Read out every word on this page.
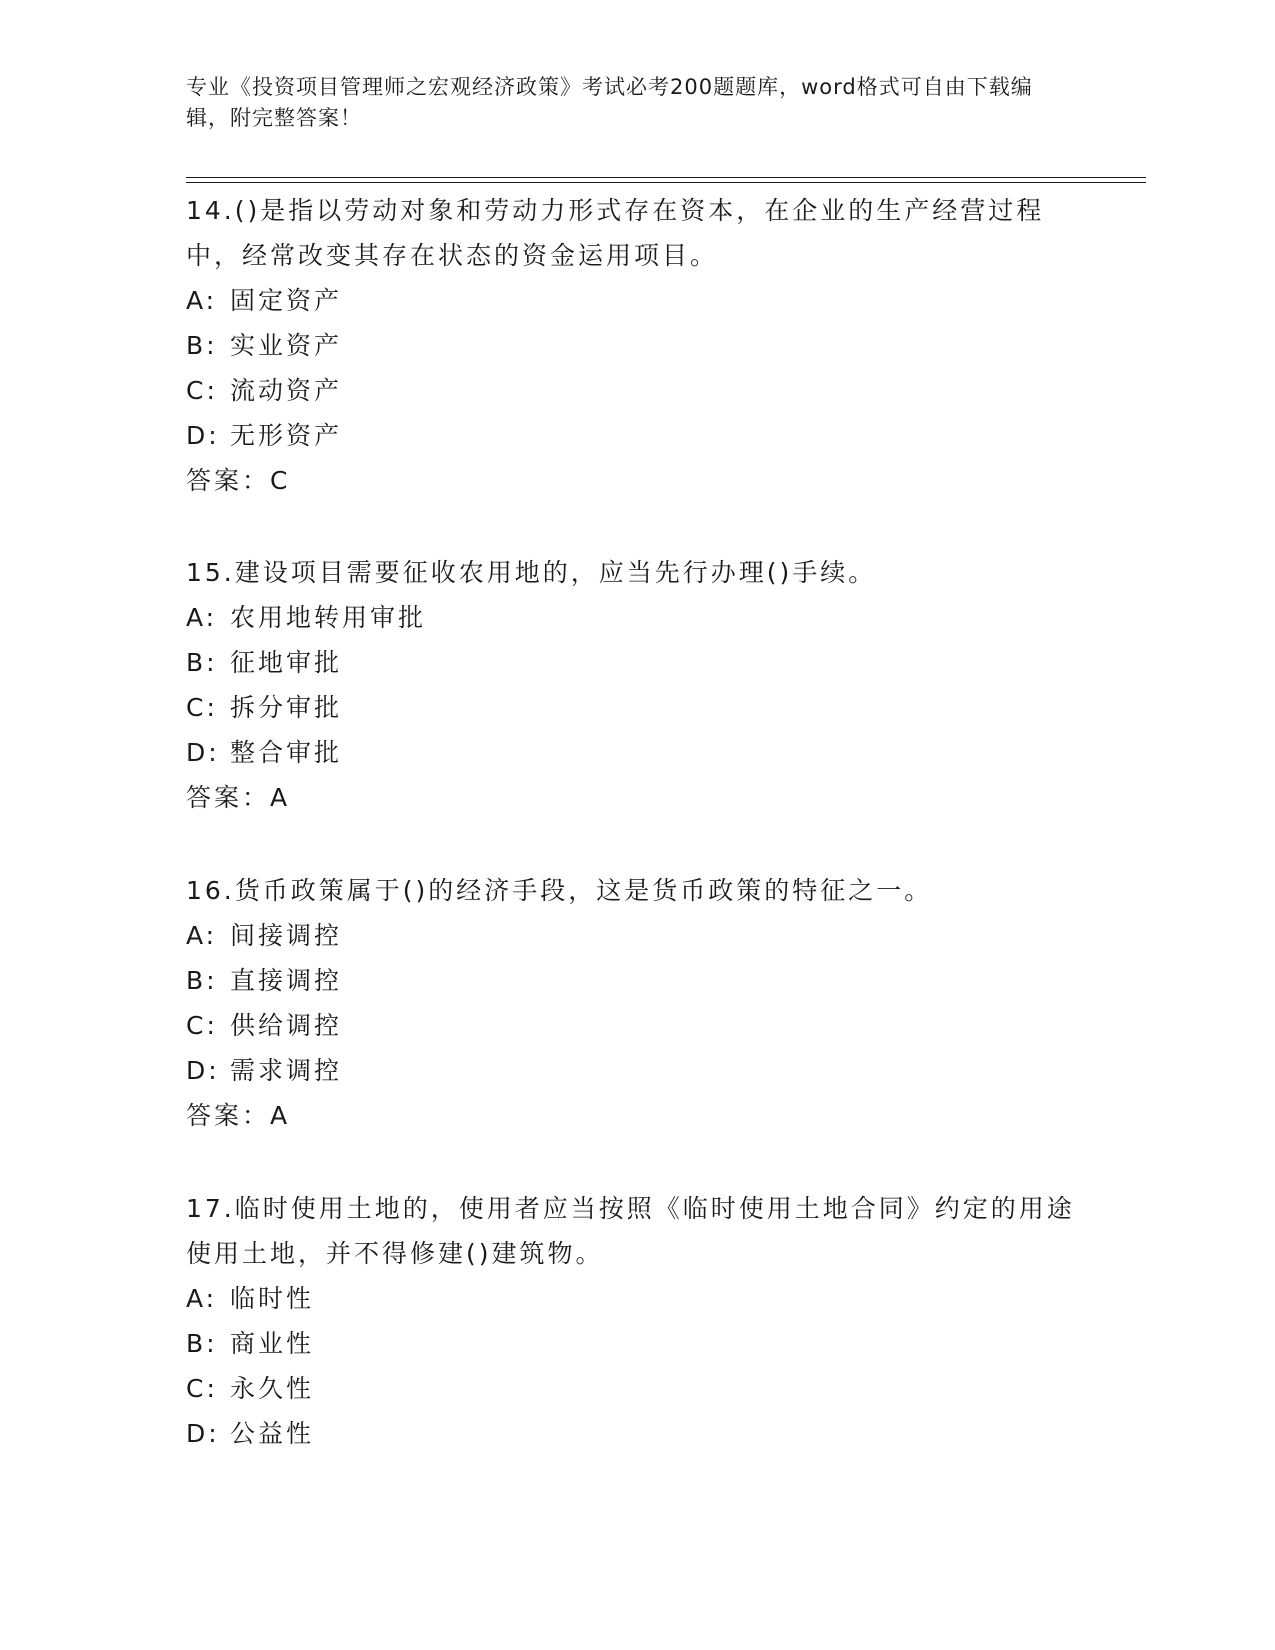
专业《投资项目管理师之宏观经济政策》考试必考200题题库，word格式可自由下载编辑，附完整答案！

14.()是指以劳动对象和劳动力形式存在资本，在企业的生产经营过程中，经常改变其存在状态的资金运用项目。

A: 固定资产

B: 实业资产

C: 流动资产

D: 无形资产

答案：C

15.建设项目需要征收农用地的，应当先行办理()手续。

A: 农用地转用审批

B: 征地审批

C: 拆分审批

D: 整合审批

答案：A

16.货币政策属于()的经济手段，这是货币政策的特征之一。

A: 间接调控

B: 直接调控

C: 供给调控

D: 需求调控

答案：A

17.临时使用土地的，使用者应当按照《临时使用土地合同》约定的用途使用土地，并不得修建()建筑物。

A: 临时性

B: 商业性

C: 永久性

D: 公益性
